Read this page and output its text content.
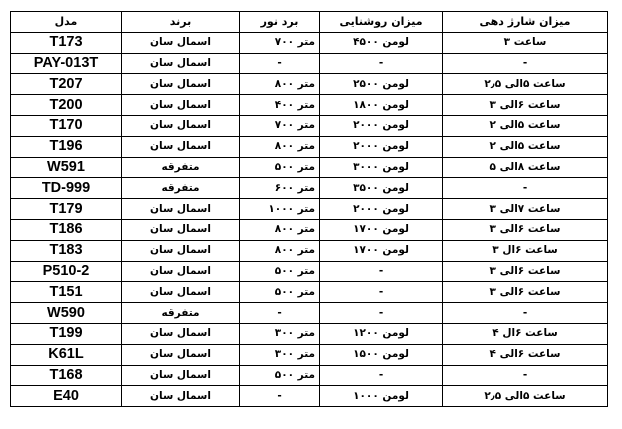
مدل	برند	برد نور	میزان روشنایی	میزان شارژ دهی
T173	اسمال سان	متر ۷۰۰	لومن ۴۵۰۰	ساعت ۳
PAY-013T	اسمال سان	-	-	-
T207	اسمال سان	متر ۸۰۰	لومن ۲۵۰۰	ساعت ۵الی ۲٫۵
T200	اسمال سان	متر ۴۰۰	لومن ۱۸۰۰	ساعت ۶الی ۳
T170	اسمال سان	متر ۷۰۰	لومن ۲۰۰۰	ساعت ۵الی ۲
T196	اسمال سان	متر ۸۰۰	لومن ۲۰۰۰	ساعت ۵الی ۲
W591	متفرقه	متر ۵۰۰	لومن ۳۰۰۰	ساعت ۸الی ۵
TD-999	متفرقه	متر ۶۰۰	لومن ۳۵۰۰	-
T179	اسمال سان	متر ۱۰۰۰	لومن ۲۰۰۰	ساعت ۷الی ۳
T186	اسمال سان	متر ۸۰۰	لومن ۱۷۰۰	ساعت ۶الی ۳
T183	اسمال سان	متر ۸۰۰	لومن ۱۷۰۰	ساعت ۶ال ۳
P510-2	اسمال سان	متر ۵۰۰	-	ساعت ۶الی ۳
T151	اسمال سان	متر ۵۰۰	-	ساعت ۶الی ۳
W590	متفرقه	-	-	-
T199	اسمال سان	متر ۳۰۰	لومن ۱۲۰۰	ساعت ۶ال ۴
K61L	اسمال سان	متر ۳۰۰	لومن ۱۵۰۰	ساعت ۶الی ۴
T168	اسمال سان	متر ۵۰۰	-	-
E40	اسمال سان	-	لومن ۱۰۰۰	ساعت ۵الی ۲٫۵
